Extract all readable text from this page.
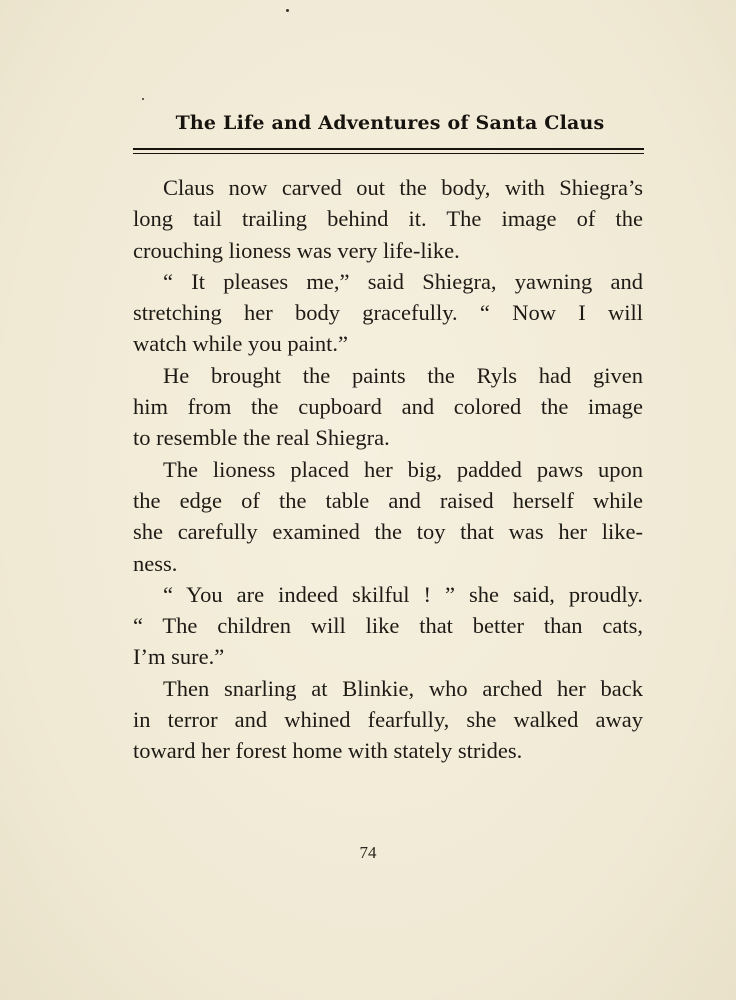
The Life and Adventures of Santa Claus
Claus now carved out the body, with Shiegra’s
long tail trailing behind it. The image of the
crouching lioness was very life-like.
“ It pleases me,” said Shiegra, yawning and
stretching her body gracefully. “ Now I will
watch while you paint.”
He brought the paints the Ryls had given
him from the cupboard and colored the image
to resemble the real Shiegra.
The lioness placed her big, padded paws upon
the edge of the table and raised herself while
she carefully examined the toy that was her like-
ness.
“ You are indeed skilful ! ” she said, proudly.
“ The children will like that better than cats,
I’m sure.”
Then snarling at Blinkie, who arched her back
in terror and whined fearfully, she walked away
toward her forest home with stately strides.
74
